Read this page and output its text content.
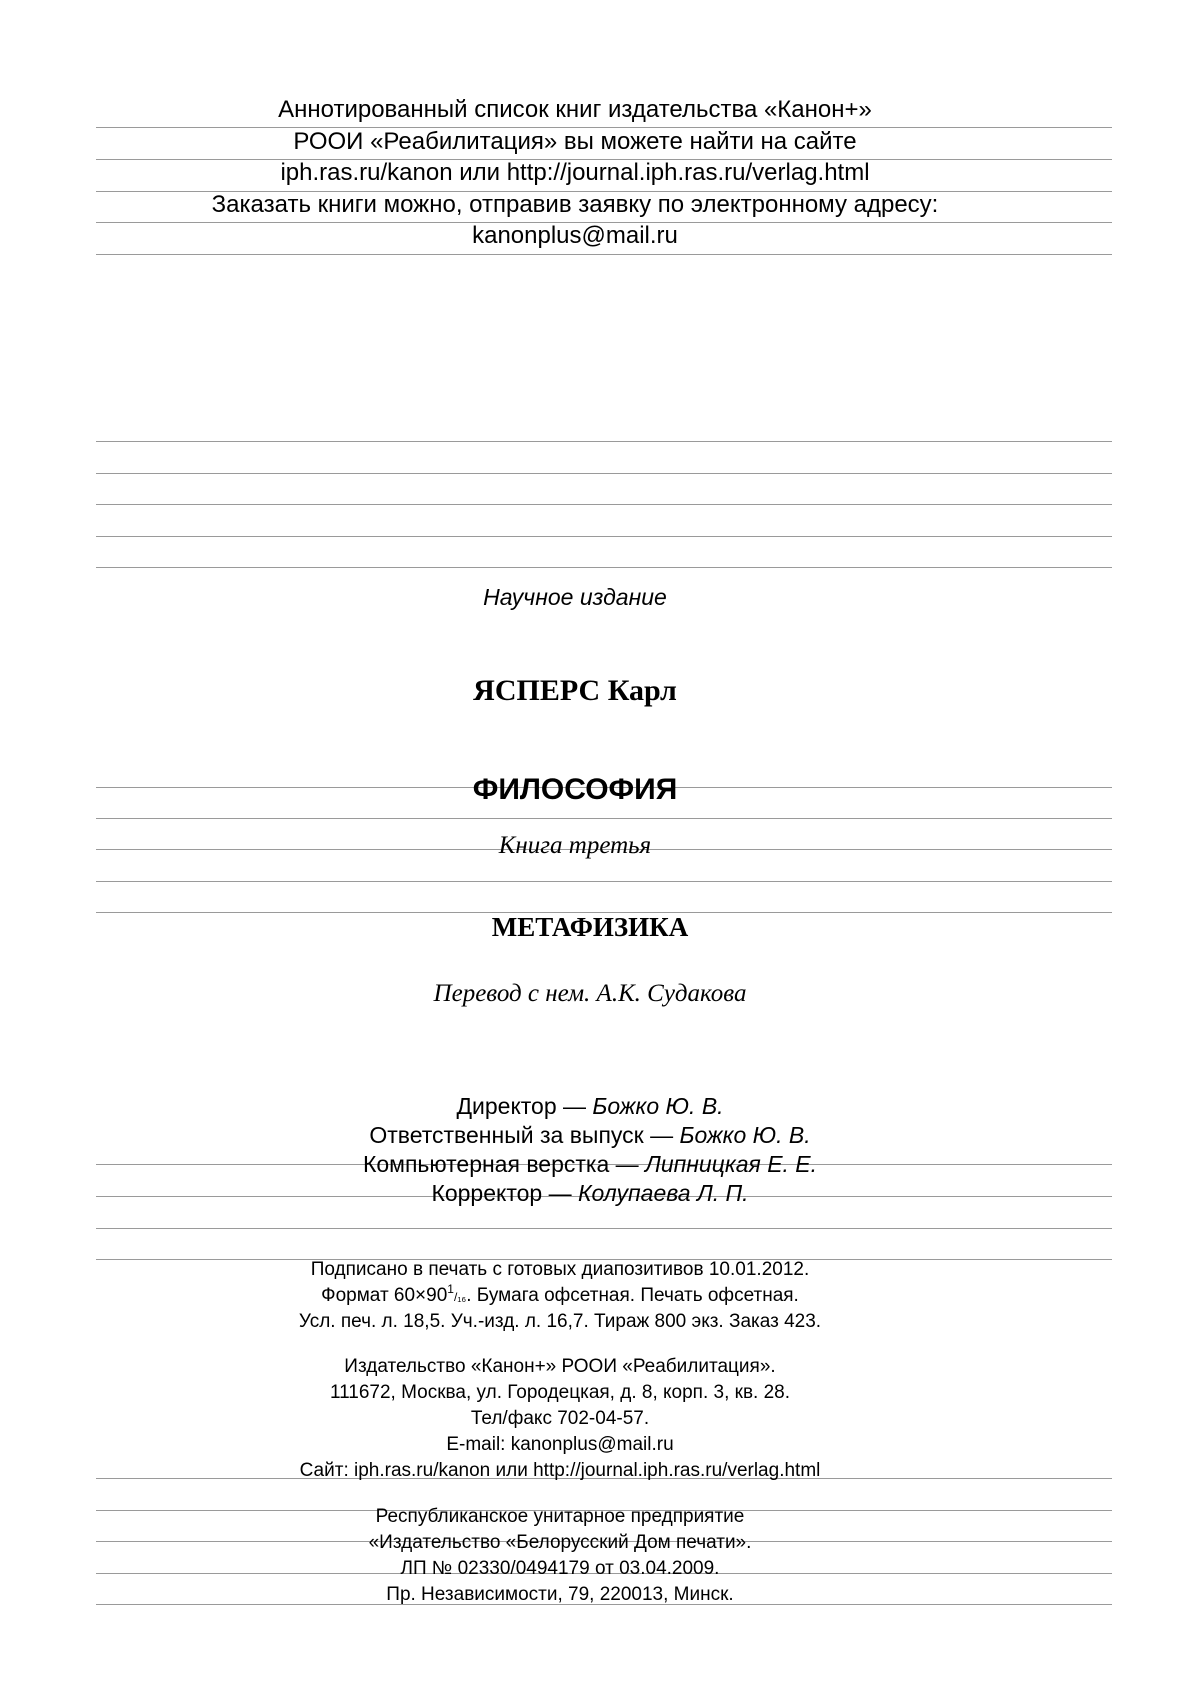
Аннотированный список книг издательства «Канон+»
РООИ «Реабилитация» вы можете найти на сайте
iph.ras.ru/kanon или http://journal.iph.ras.ru/verlag.html
Заказать книги можно, отправив заявку по электронному адресу:
kanonplus@mail.ru
Научное издание
ЯСПЕРС Карл
ФИЛОСОФИЯ
Книга третья
МЕТАФИЗИКА
Перевод с нем. А.К. Судакова
Директор — Божко Ю. В.
Ответственный за выпуск — Божко Ю. В.
Компьютерная верстка — Липницкая Е. Е.
Корректор — Колупаева Л. П.
Подписано в печать с готовых диапозитивов 10.01.2012.
Формат $60\times 90^1/_{16}$. Бумага офсетная. Печать офсетная.
Усл. печ. л. 18,5. Уч.-изд. л. 16,7. Тираж 800 экз. Заказ 423.
Издательство «Канон+» РООИ «Реабилитация».
111672, Москва, ул. Городецкая, д. 8, корп. 3, кв. 28.
Тел/факс 702-04-57.
E-mail: kanonplus@mail.ru
Сайт: iph.ras.ru/kanon или http://journal.iph.ras.ru/verlag.html
Республиканское унитарное предприятие
«Издательство «Белорусский Дом печати».
ЛП № 02330/0494179 от 03.04.2009.
Пр. Независимости, 79, 220013, Минск.
